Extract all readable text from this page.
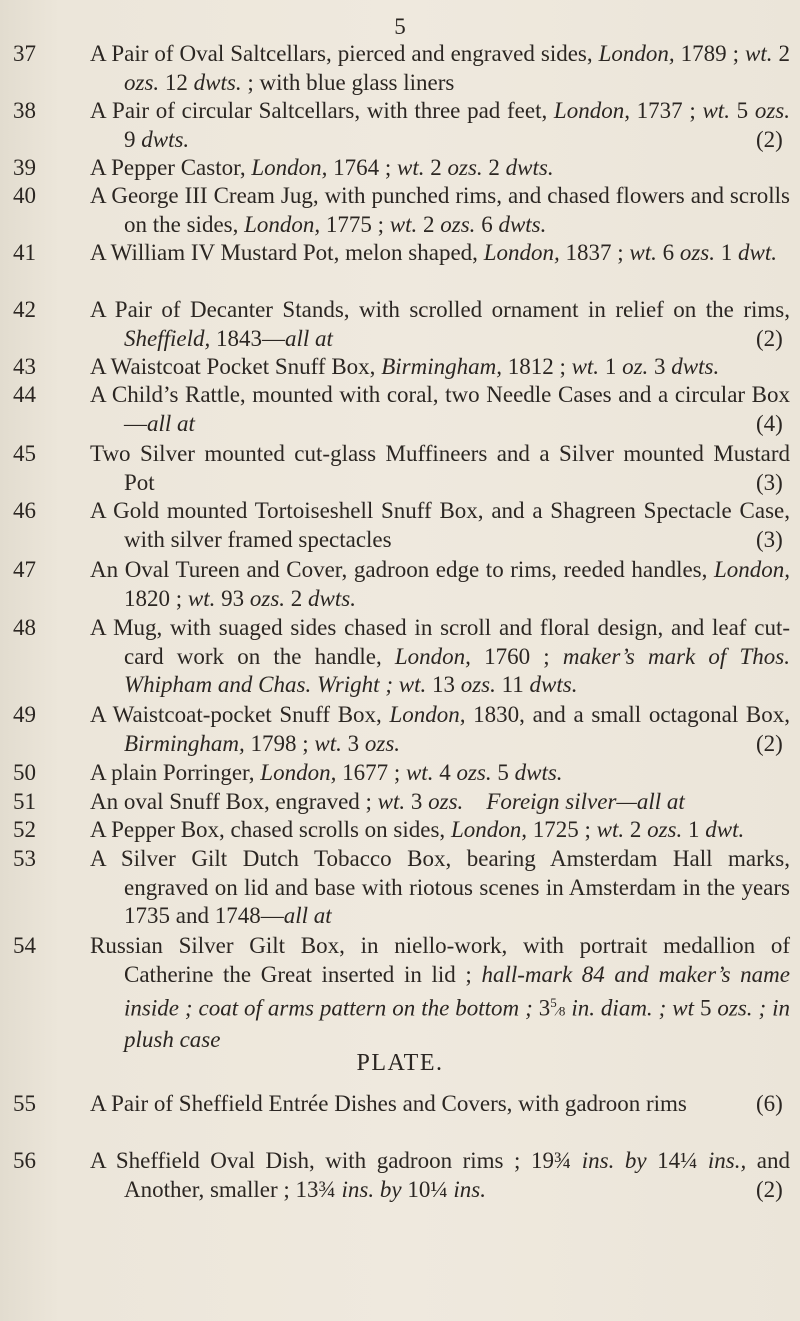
5
37	A Pair of Oval Saltcellars, pierced and engraved sides, London, 1789 ; wt. 2 ozs. 12 dwts. ; with blue glass liners
38	A Pair of circular Saltcellars, with three pad feet, London, 1737 ; wt. 5 ozs. 9 dwts.	(2)
39	A Pepper Castor, London, 1764 ; wt. 2 ozs. 2 dwts.
40	A George III Cream Jug, with punched rims, and chased flowers and scrolls on the sides, London, 1775 ; wt. 2 ozs. 6 dwts.
41	A William IV Mustard Pot, melon shaped, London, 1837 ; wt. 6 ozs. 1 dwt.
42	A Pair of Decanter Stands, with scrolled ornament in relief on the rims, Sheffield, 1843—all at	(2)
43	A Waistcoat Pocket Snuff Box, Birmingham, 1812 ; wt. 1 oz. 3 dwts.
44	A Child’s Rattle, mounted with coral, two Needle Cases and a circular Box—all at	(4)
45	Two Silver mounted cut-glass Muffineers and a Silver mounted Mustard Pot	(3)
46	A Gold mounted Tortoiseshell Snuff Box, and a Shagreen Spectacle Case, with silver framed spectacles	(3)
47	An Oval Tureen and Cover, gadroon edge to rims, reeded handles, London, 1820 ; wt. 93 ozs. 2 dwts.
48	A Mug, with suaged sides chased in scroll and floral design, and leaf cut-card work on the handle, London, 1760 ; maker’s mark of Thos. Whipham and Chas. Wright ; wt. 13 ozs. 11 dwts.
49	A Waistcoat-pocket Snuff Box, London, 1830, and a small octagonal Box, Birmingham, 1798 ; wt. 3 ozs.	(2)
50	A plain Porringer, London, 1677 ; wt. 4 ozs. 5 dwts.
51	An oval Snuff Box, engraved ; wt. 3 ozs. Foreign silver—all at
52	A Pepper Box, chased scrolls on sides, London, 1725 ; wt. 2 ozs. 1 dwt.
53	A Silver Gilt Dutch Tobacco Box, bearing Amsterdam Hall marks, engraved on lid and base with riotous scenes in Amsterdam in the years 1735 and 1748—all at
54	Russian Silver Gilt Box, in niello-work, with portrait medallion of Catherine the Great inserted in lid ; hall-mark 84 and maker’s name inside ; coat of arms pattern on the bottom ; $3^5⁄8$ in. diam. ; wt 5 ozs. ; in plush case
PLATE.
55	A Pair of Sheffield Entrée Dishes and Covers, with gadroon rims	(6)
56	A Sheffield Oval Dish, with gadroon rims ; 19¾ ins. by 14¼ ins., and Another, smaller ; 13¾ ins. by 10¼ ins.	(2)
